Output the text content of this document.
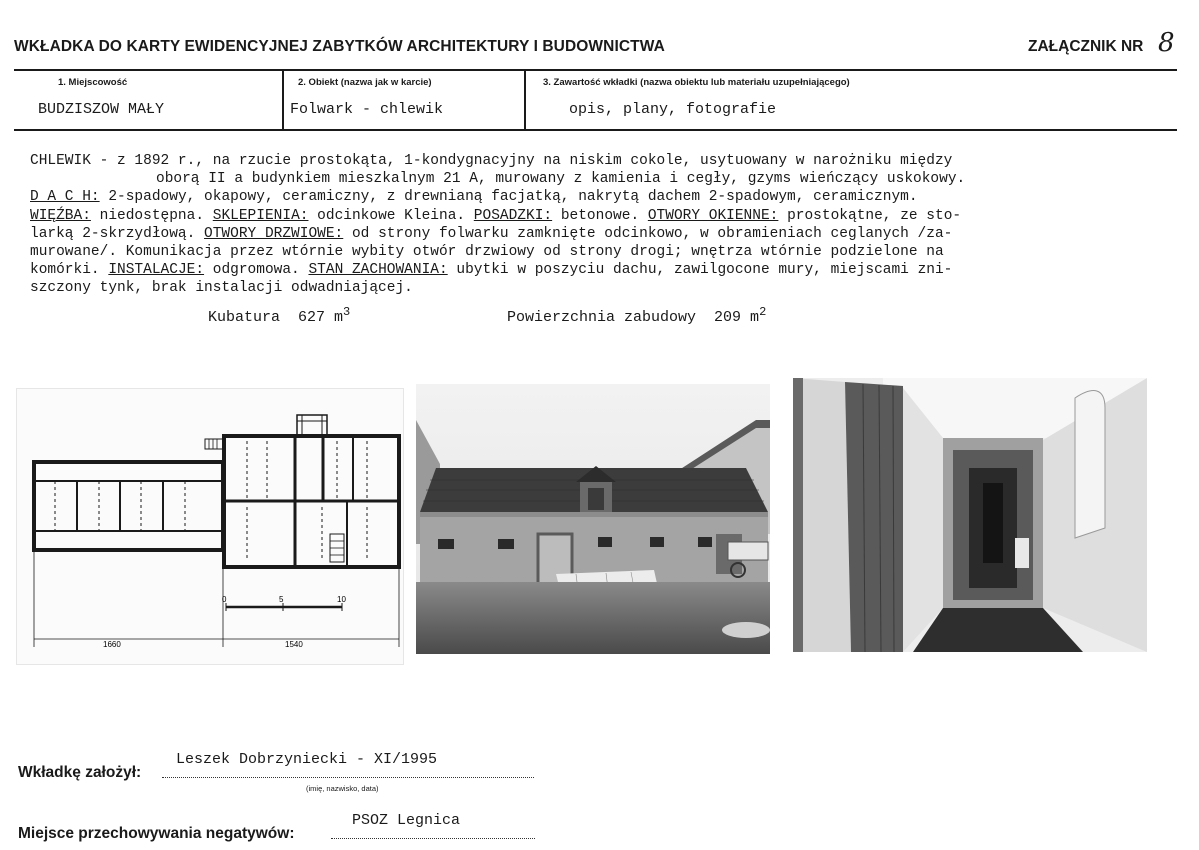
WKŁADKA DO KARTY EWIDENCYJNEJ ZABYTKÓW ARCHITEKTURY I BUDOWNICTWA	ZAŁĄCZNIK NR 8
1. Miejscowość
BUDZISZOW MAŁY
2. Obiekt (nazwa jak w karcie)
Folwark - chlewik
3. Zawartość wkładki (nazwa obiektu lub materiału uzupełniającego)
opis, plany, fotografie

CHLEWIK - z 1892 r., na rzucie prostokąta, 1-kondygnacyjny na niskim cokole, usytuowany w narożniku między

oborą II a budynkiem mieszkalnym 21 A, murowany z kamienia i cegły, gzyms wieńczący uskokowy.

D A C H: 2-spadowy, okapowy, ceramiczny, z drewnianą facjatką, nakrytą dachem 2-spadowym, ceramicznym.

WIĘŹBA: niedostępna. SKLEPIENIA: odcinkowe Kleina. POSADZKI: betonowe. OTWORY OKIENNE: prostokątne, ze sto-

larką 2-skrzydłową. OTWORY DRZWIOWE: od strony folwarku zamknięte odcinkowo, w obramieniach ceglanych /za-

murowane/. Komunikacja przez wtórnie wybity otwór drzwiowy od strony drogi; wnętrza wtórnie podzielone na

komórki. INSTALACJE: odgromowa. STAN ZACHOWANIA: ubytki w poszyciu dachu, zawilgocone mury, miejscami zni-

szczony tynk, brak instalacji odwadniającej.

Kubatura 627 $m^3$	Powierzchnia zabudowy 209 $m^2$
0	5	10
1660	1540
Wkładkę założył:
Leszek Dobrzyniecki - XI/1995
(imię, nazwisko, data)
Miejsce przechowywania negatywów:
PSOZ Legnica
